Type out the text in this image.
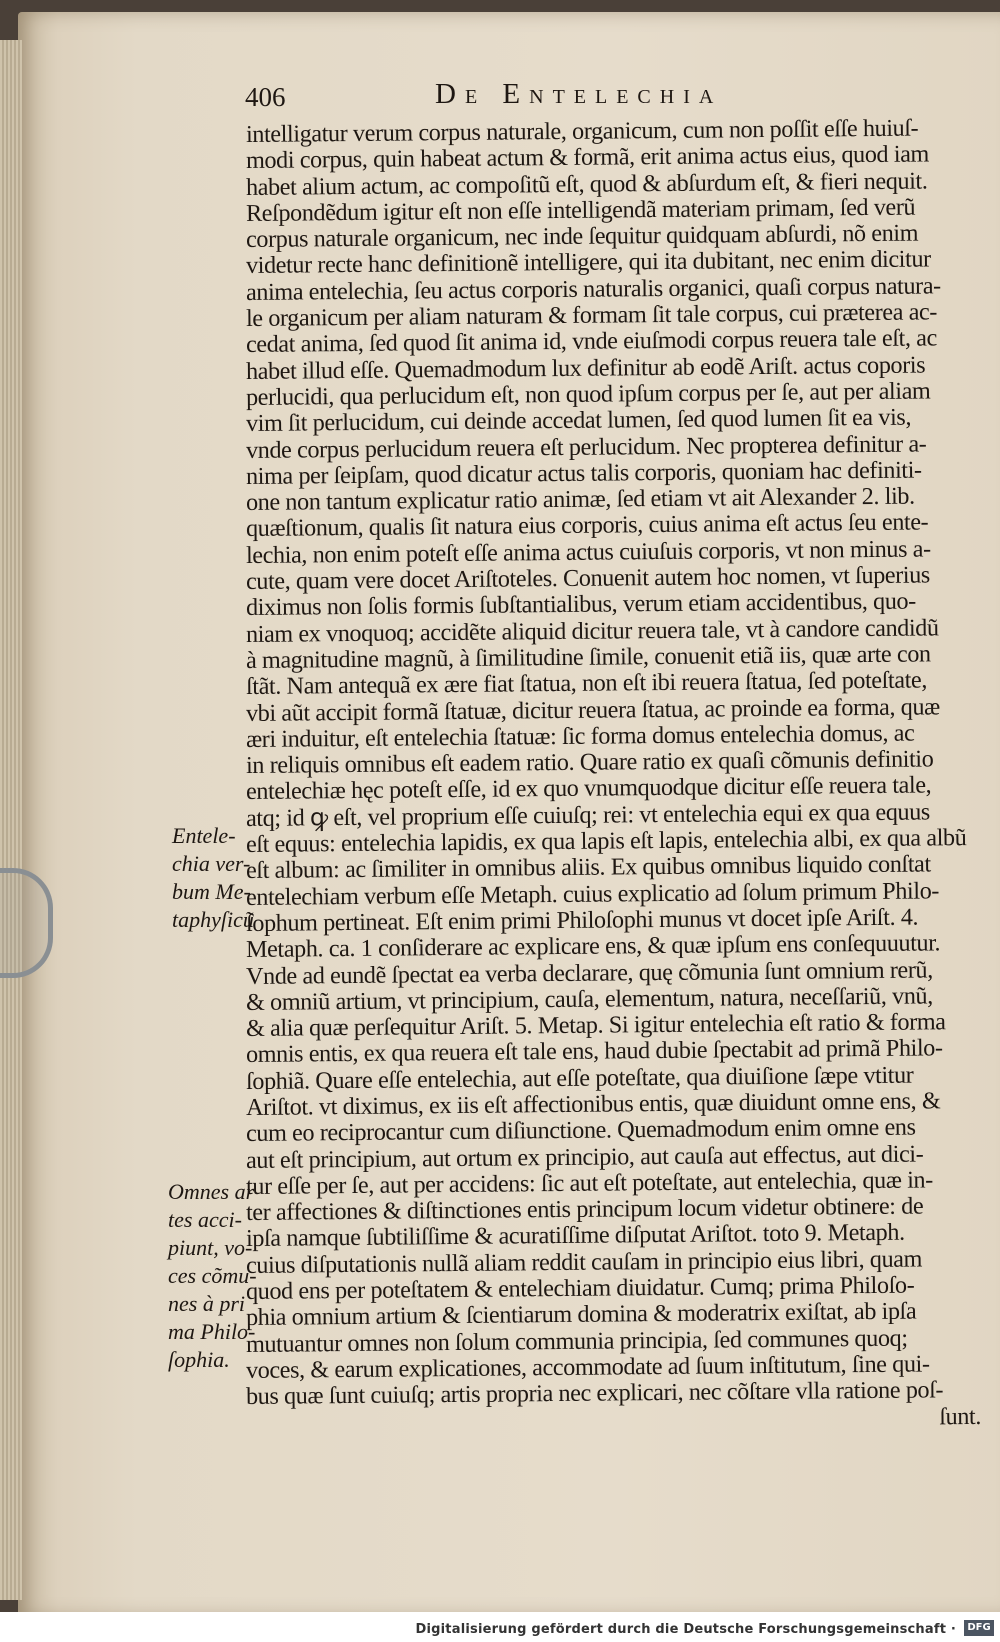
406	De Entelechia
intelligatur verum corpus naturale, organicum, cum non poſſit eſſe huiuſ-
modi corpus, quin habeat actum & formã, erit anima actus eius, quod iam
habet alium actum, ac compoſitũ eſt, quod & abſurdum eſt, & fieri nequit.
Reſpondẽdum igitur eſt non eſſe intelligendã materiam primam, ſed verũ
corpus naturale organicum, nec inde ſequitur quidquam abſurdi, nõ enim
videtur recte hanc definitionẽ intelligere, qui ita dubitant, nec enim dicitur
anima entelechia, ſeu actus corporis naturalis organici, quaſi corpus natura-
le organicum per aliam naturam & formam ſit tale corpus, cui præterea ac-
cedat anima, ſed quod ſit anima id, vnde eiuſmodi corpus reuera tale eſt, ac
habet illud eſſe. Quemadmodum lux definitur ab eodẽ Ariſt. actus coporis
perlucidi, qua perlucidum eſt, non quod ipſum corpus per ſe, aut per aliam
vim ſit perlucidum, cui deinde accedat lumen, ſed quod lumen ſit ea vis,
vnde corpus perlucidum reuera eſt perlucidum. Nec propterea definitur a-
nima per ſeipſam, quod dicatur actus talis corporis, quoniam hac definiti-
one non tantum explicatur ratio animæ, ſed etiam vt ait Alexander 2. lib.
quæſtionum, qualis ſit natura eius corporis, cuius anima eſt actus ſeu ente-
lechia, non enim poteſt eſſe anima actus cuiuſuis corporis, vt non minus a-
cute, quam vere docet Ariſtoteles. Conuenit autem hoc nomen, vt ſuperius
diximus non ſolis formis ſubſtantialibus, verum etiam accidentibus, quo-
niam ex vnoquoq; accidẽte aliquid dicitur reuera tale, vt à candore candidũ
à magnitudine magnũ, à ſimilitudine ſimile, conuenit etiã iis, quæ arte con
ſtãt. Nam antequã ex ære fiat ſtatua, non eſt ibi reuera ſtatua, ſed poteſtate,
vbi aũt accipit formã ſtatuæ, dicitur reuera ſtatua, ac proinde ea forma, quæ
æri induitur, eſt entelechia ſtatuæ: ſic forma domus entelechia domus, ac
in reliquis omnibus eſt eadem ratio. Quare ratio ex quaſi cõmunis definitio
entelechiæ hęc poteſt eſſe, id ex quo vnumquodque dicitur eſſe reuera tale,
atq; id ꝙ eſt, vel proprium eſſe cuiuſq; rei: vt entelechia equi ex qua equus
eſt equus: entelechia lapidis, ex qua lapis eſt lapis, entelechia albi, ex qua albũ
eſt album: ac ſimiliter in omnibus aliis. Ex quibus omnibus liquido conſtat
entelechiam verbum eſſe Metaph. cuius explicatio ad ſolum primum Philo-
ſophum pertineat. Eſt enim primi Philoſophi munus vt docet ipſe Ariſt. 4.
Metaph. ca. 1 conſiderare ac explicare ens, & quæ ipſum ens conſequuutur.
Vnde ad eundẽ ſpectat ea verba declarare, quę cõmunia ſunt omnium rerũ,
& omniũ artium, vt principium, cauſa, elementum, natura, neceſſariũ, vnũ,
& alia quæ perſequitur Ariſt. 5. Metap. Si igitur entelechia eſt ratio & forma
omnis entis, ex qua reuera eſt tale ens, haud dubie ſpectabit ad primã Philo-
ſophiã. Quare eſſe entelechia, aut eſſe poteſtate, qua diuiſione ſæpe vtitur
Ariſtot. vt diximus, ex iis eſt affectionibus entis, quæ diuidunt omne ens, &
cum eo reciprocantur cum diſiunctione. Quemadmodum enim omne ens
aut eſt principium, aut ortum ex principio, aut cauſa aut effectus, aut dici-
tur eſſe per ſe, aut per accidens: ſic aut eſt poteſtate, aut entelechia, quæ in-
ter affectiones & diſtinctiones entis principum locum videtur obtinere: de
ipſa namque ſubtiliſſime & acuratiſſime diſputat Ariſtot. toto 9. Metaph.
cuius diſputationis nullã aliam reddit cauſam in principio eius libri, quam
quod ens per poteſtatem & entelechiam diuidatur. Cumq; prima Philoſo-
phia omnium artium & ſcientiarum domina & moderatrix exiſtat, ab ipſa
mutuantur omnes non ſolum communia principia, ſed communes quoq;
voces, & earum explicationes, accommodate ad ſuum inſtitutum, ſine qui-
bus quæ ſunt cuiuſq; artis propria nec explicari, nec cõſtare vlla ratione poſ-
ſunt.
Entele-
chia ver-
bum Me-
taphyſicũ
Omnes ar
tes acci-
piunt, vo-
ces cõmu-
nes à pri
ma Philo-
ſophia.
Digitalisierung gefördert durch die Deutsche Forschungsgemeinschaft ·	DFG
